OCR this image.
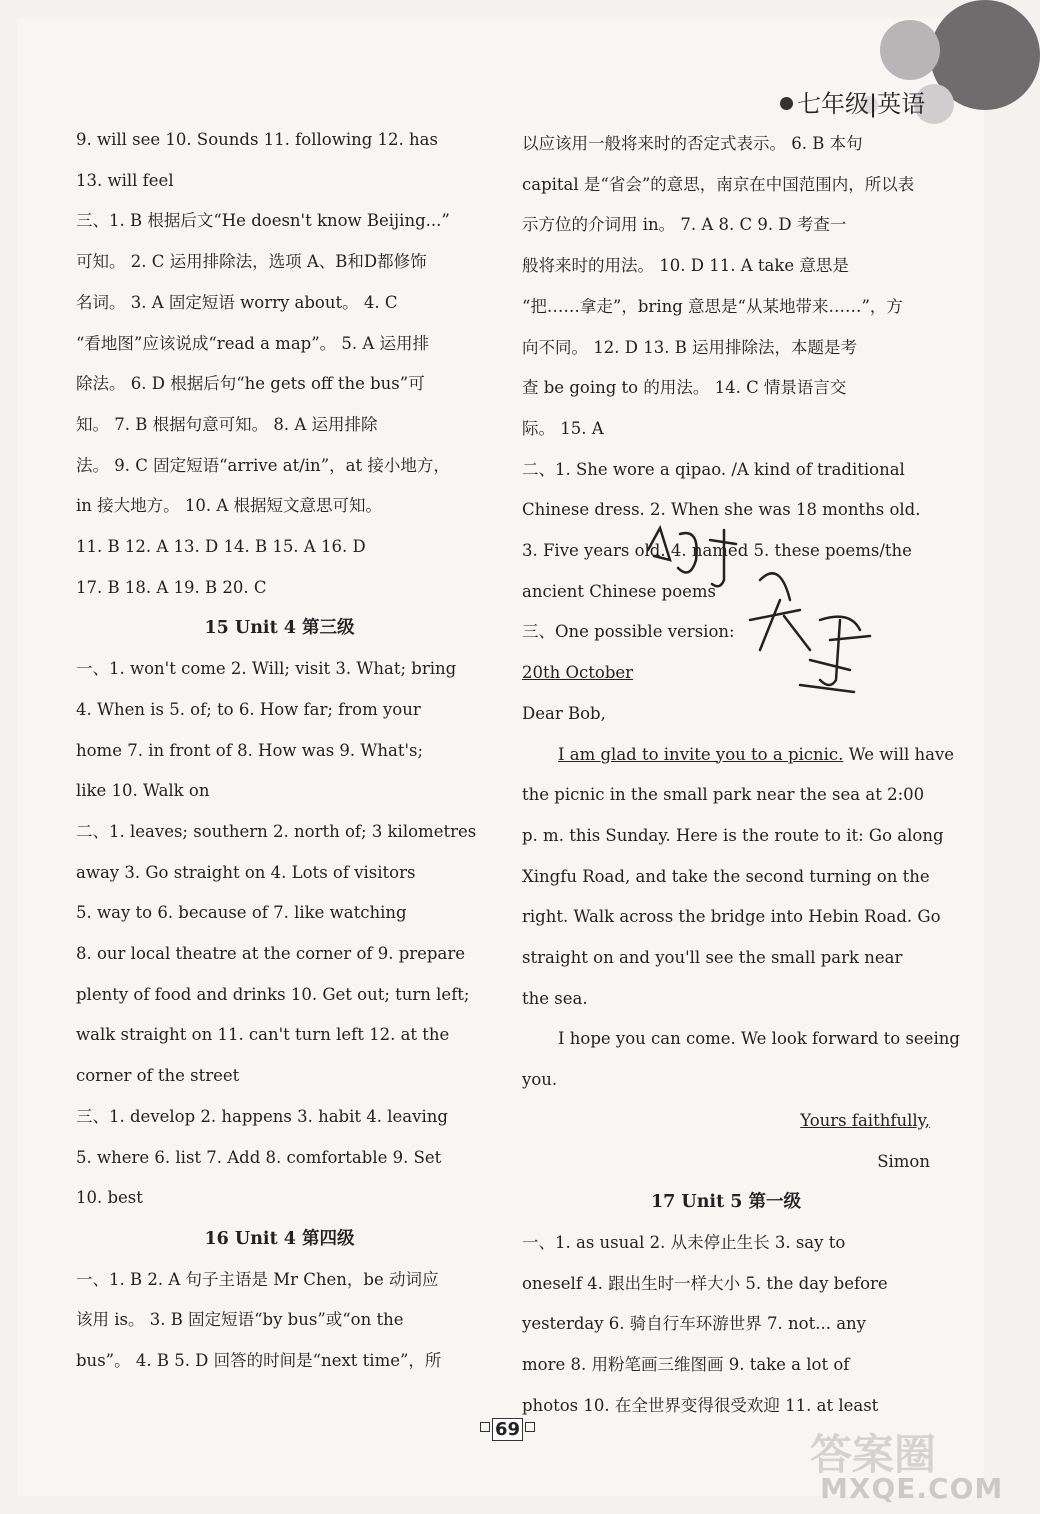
七年级|英语
9. will see 10. Sounds 11. following 12. has
13. will feel
三、1. B 根据后文“He doesn't know Beijing...”
可知。 2. C 运用排除法，选项 A、B和D都修饰
名词。 3. A 固定短语 worry about。 4. C
“看地图”应该说成“read a map”。 5. A 运用排
除法。 6. D 根据后句“he gets off the bus”可
知。 7. B 根据句意可知。 8. A 运用排除
法。 9. C 固定短语“arrive at/in”，at 接小地方，
in 接大地方。 10. A 根据短文意思可知。
11. B 12. A 13. D 14. B 15. A 16. D
17. B 18. A 19. B 20. C
15 Unit 4 第三级
一、1. won't come 2. Will; visit 3. What; bring
4. When is 5. of; to 6. How far; from your
home 7. in front of 8. How was 9. What's;
like 10. Walk on
二、1. leaves; southern 2. north of; 3 kilometres
away 3. Go straight on 4. Lots of visitors
5. way to 6. because of 7. like watching
8. our local theatre at the corner of 9. prepare
plenty of food and drinks 10. Get out; turn left;
walk straight on 11. can't turn left 12. at the
corner of the street
三、1. develop 2. happens 3. habit 4. leaving
5. where 6. list 7. Add 8. comfortable 9. Set
10. best
16 Unit 4 第四级
一、1. B 2. A 句子主语是 Mr Chen，be 动词应
该用 is。 3. B 固定短语“by bus”或“on the
bus”。 4. B 5. D 回答的时间是“next time”，所
以应该用一般将来时的否定式表示。 6. B 本句
capital 是“省会”的意思，南京在中国范围内，所以表
示方位的介词用 in。 7. A 8. C 9. D 考查一
般将来时的用法。 10. D 11. A take 意思是
“把……拿走”，bring 意思是“从某地带来……”，方
向不同。 12. D 13. B 运用排除法，本题是考
查 be going to 的用法。 14. C 情景语言交
际。 15. A
二、1. She wore a qipao. /A kind of traditional
Chinese dress. 2. When she was 18 months old.
3. Five years old. 4. named 5. these poems/the
ancient Chinese poems
三、One possible version:
20th October
Dear Bob,
I am glad to invite you to a picnic. We will have
the picnic in the small park near the sea at 2:00
p. m. this Sunday. Here is the route to it: Go along
Xingfu Road, and take the second turning on the
right. Walk across the bridge into Hebin Road. Go
straight on and you'll see the small park near
the sea.
I hope you can come. We look forward to seeing
you.
Yours faithfully,
Simon
17 Unit 5 第一级
一、1. as usual 2. 从未停止生长 3. say to
oneself 4. 跟出生时一样大小 5. the day before
yesterday 6. 骑自行车环游世界 7. not... any
more 8. 用粉笔画三维图画 9. take a lot of
photos 10. 在全世界变得很受欢迎 11. at least
69
答案圈
MXQE.COM
